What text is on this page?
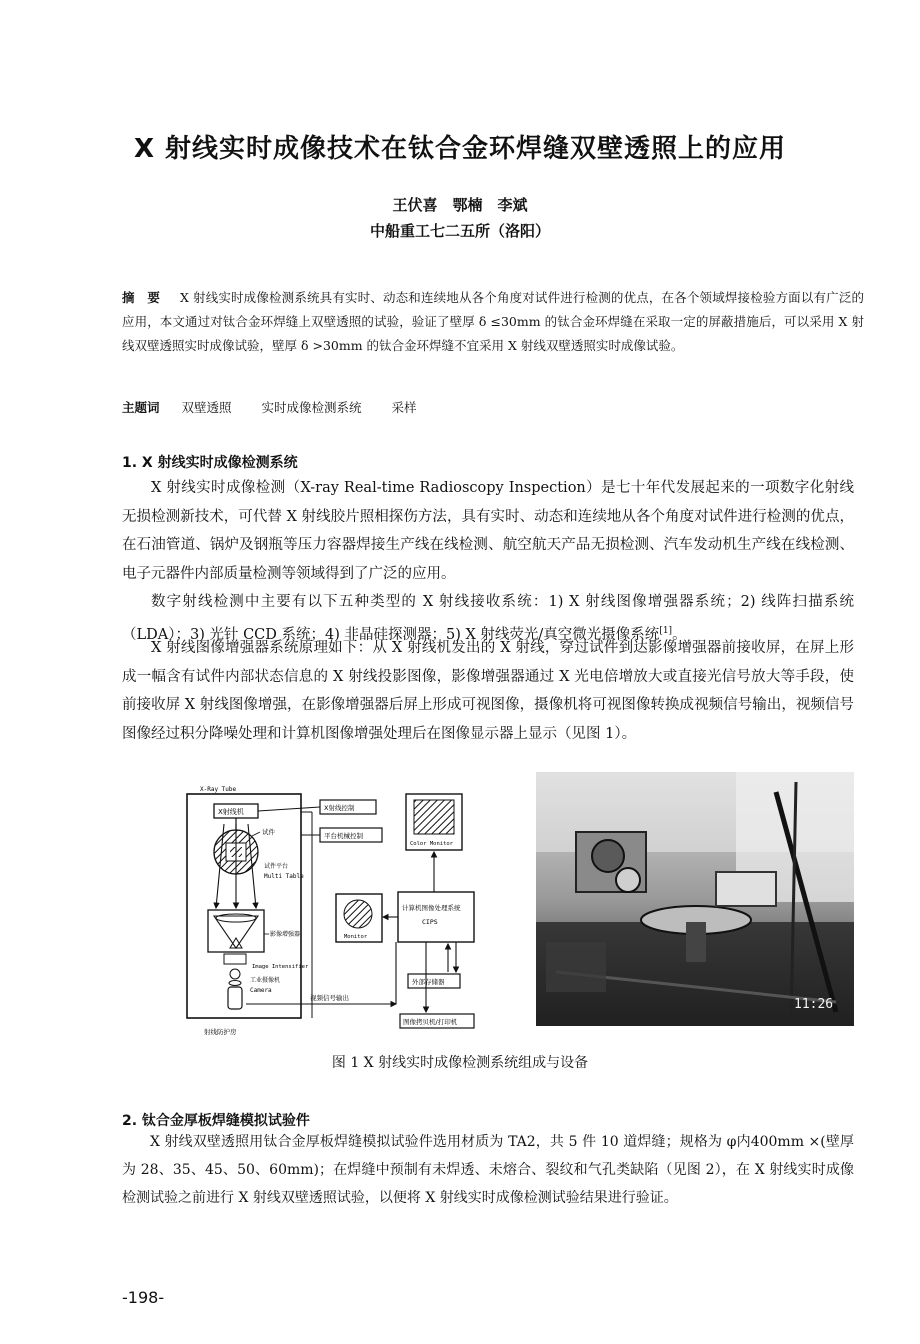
X 射线实时成像技术在钛合金环焊缝双壁透照上的应用
王伏喜　鄂楠　李斌
中船重工七二五所（洛阳）
摘　要 X 射线实时成像检测系统具有实时、动态和连续地从各个角度对试件进行检测的优点，在各个领域焊接检验方面以有广泛的应用，本文通过对钛合金环焊缝上双壁透照的试验，验证了壁厚 δ ≤30mm 的钛合金环焊缝在采取一定的屏蔽措施后，可以采用 X 射线双壁透照实时成像试验，壁厚 δ >30mm 的钛合金环焊缝不宜采用 X 射线双壁透照实时成像试验。
主题词 双壁透照 实时成像检测系统 采样
1. X 射线实时成像检测系统
X 射线实时成像检测（X-ray Real-time Radioscopy Inspection）是七十年代发展起来的一项数字化射线无损检测新技术，可代替 X 射线胶片照相探伤方法，具有实时、动态和连续地从各个角度对试件进行检测的优点，在石油管道、锅炉及钢瓶等压力容器焊接生产线在线检测、航空航天产品无损检测、汽车发动机生产线在线检测、电子元器件内部质量检测等领域得到了广泛的应用。
数字射线检测中主要有以下五种类型的 X 射线接收系统：1) X 射线图像增强器系统；2) 线阵扫描系统（LDA）；3) 光针 CCD 系统；4) 非晶硅探测器；5) X 射线荧光/真空微光摄像系统[1]。
X 射线图像增强器系统原理如下：从 X 射线机发出的 X 射线，穿过试件到达影像增强器前接收屏，在屏上形成一幅含有试件内部状态信息的 X 射线投影图像，影像增强器通过 X 光电倍增放大或直接光信号放大等手段，使前接收屏 X 射线图像增强，在影像增强器后屏上形成可视图像，摄像机将可视图像转换成视频信号输出，视频信号图像经过积分降噪处理和计算机图像增强处理后在图像显示器上显示（见图 1）。
X-Ray Tube
X射线机
试件
试件平台
Multi Table
影像增强器
Image Intensifier
工业摄像机
Camera
射线防护房
X射线控制
平台机械控制
Color Monitor
Monitor
计算机图像处理系统
CIPS
外部存储器
图像拷贝机/打印机
视频信号输出	11:26
图 1 X 射线实时成像检测系统组成与设备
2. 钛合金厚板焊缝模拟试验件
X 射线双壁透照用钛合金厚板焊缝模拟试验件选用材质为 TA2，共 5 件 10 道焊缝；规格为 φ内400mm ×(壁厚为 28、35、45、50、60mm)；在焊缝中预制有未焊透、未熔合、裂纹和气孔类缺陷（见图 2），在 X 射线实时成像检测试验之前进行 X 射线双壁透照试验，以便将 X 射线实时成像检测试验结果进行验证。
-198-
